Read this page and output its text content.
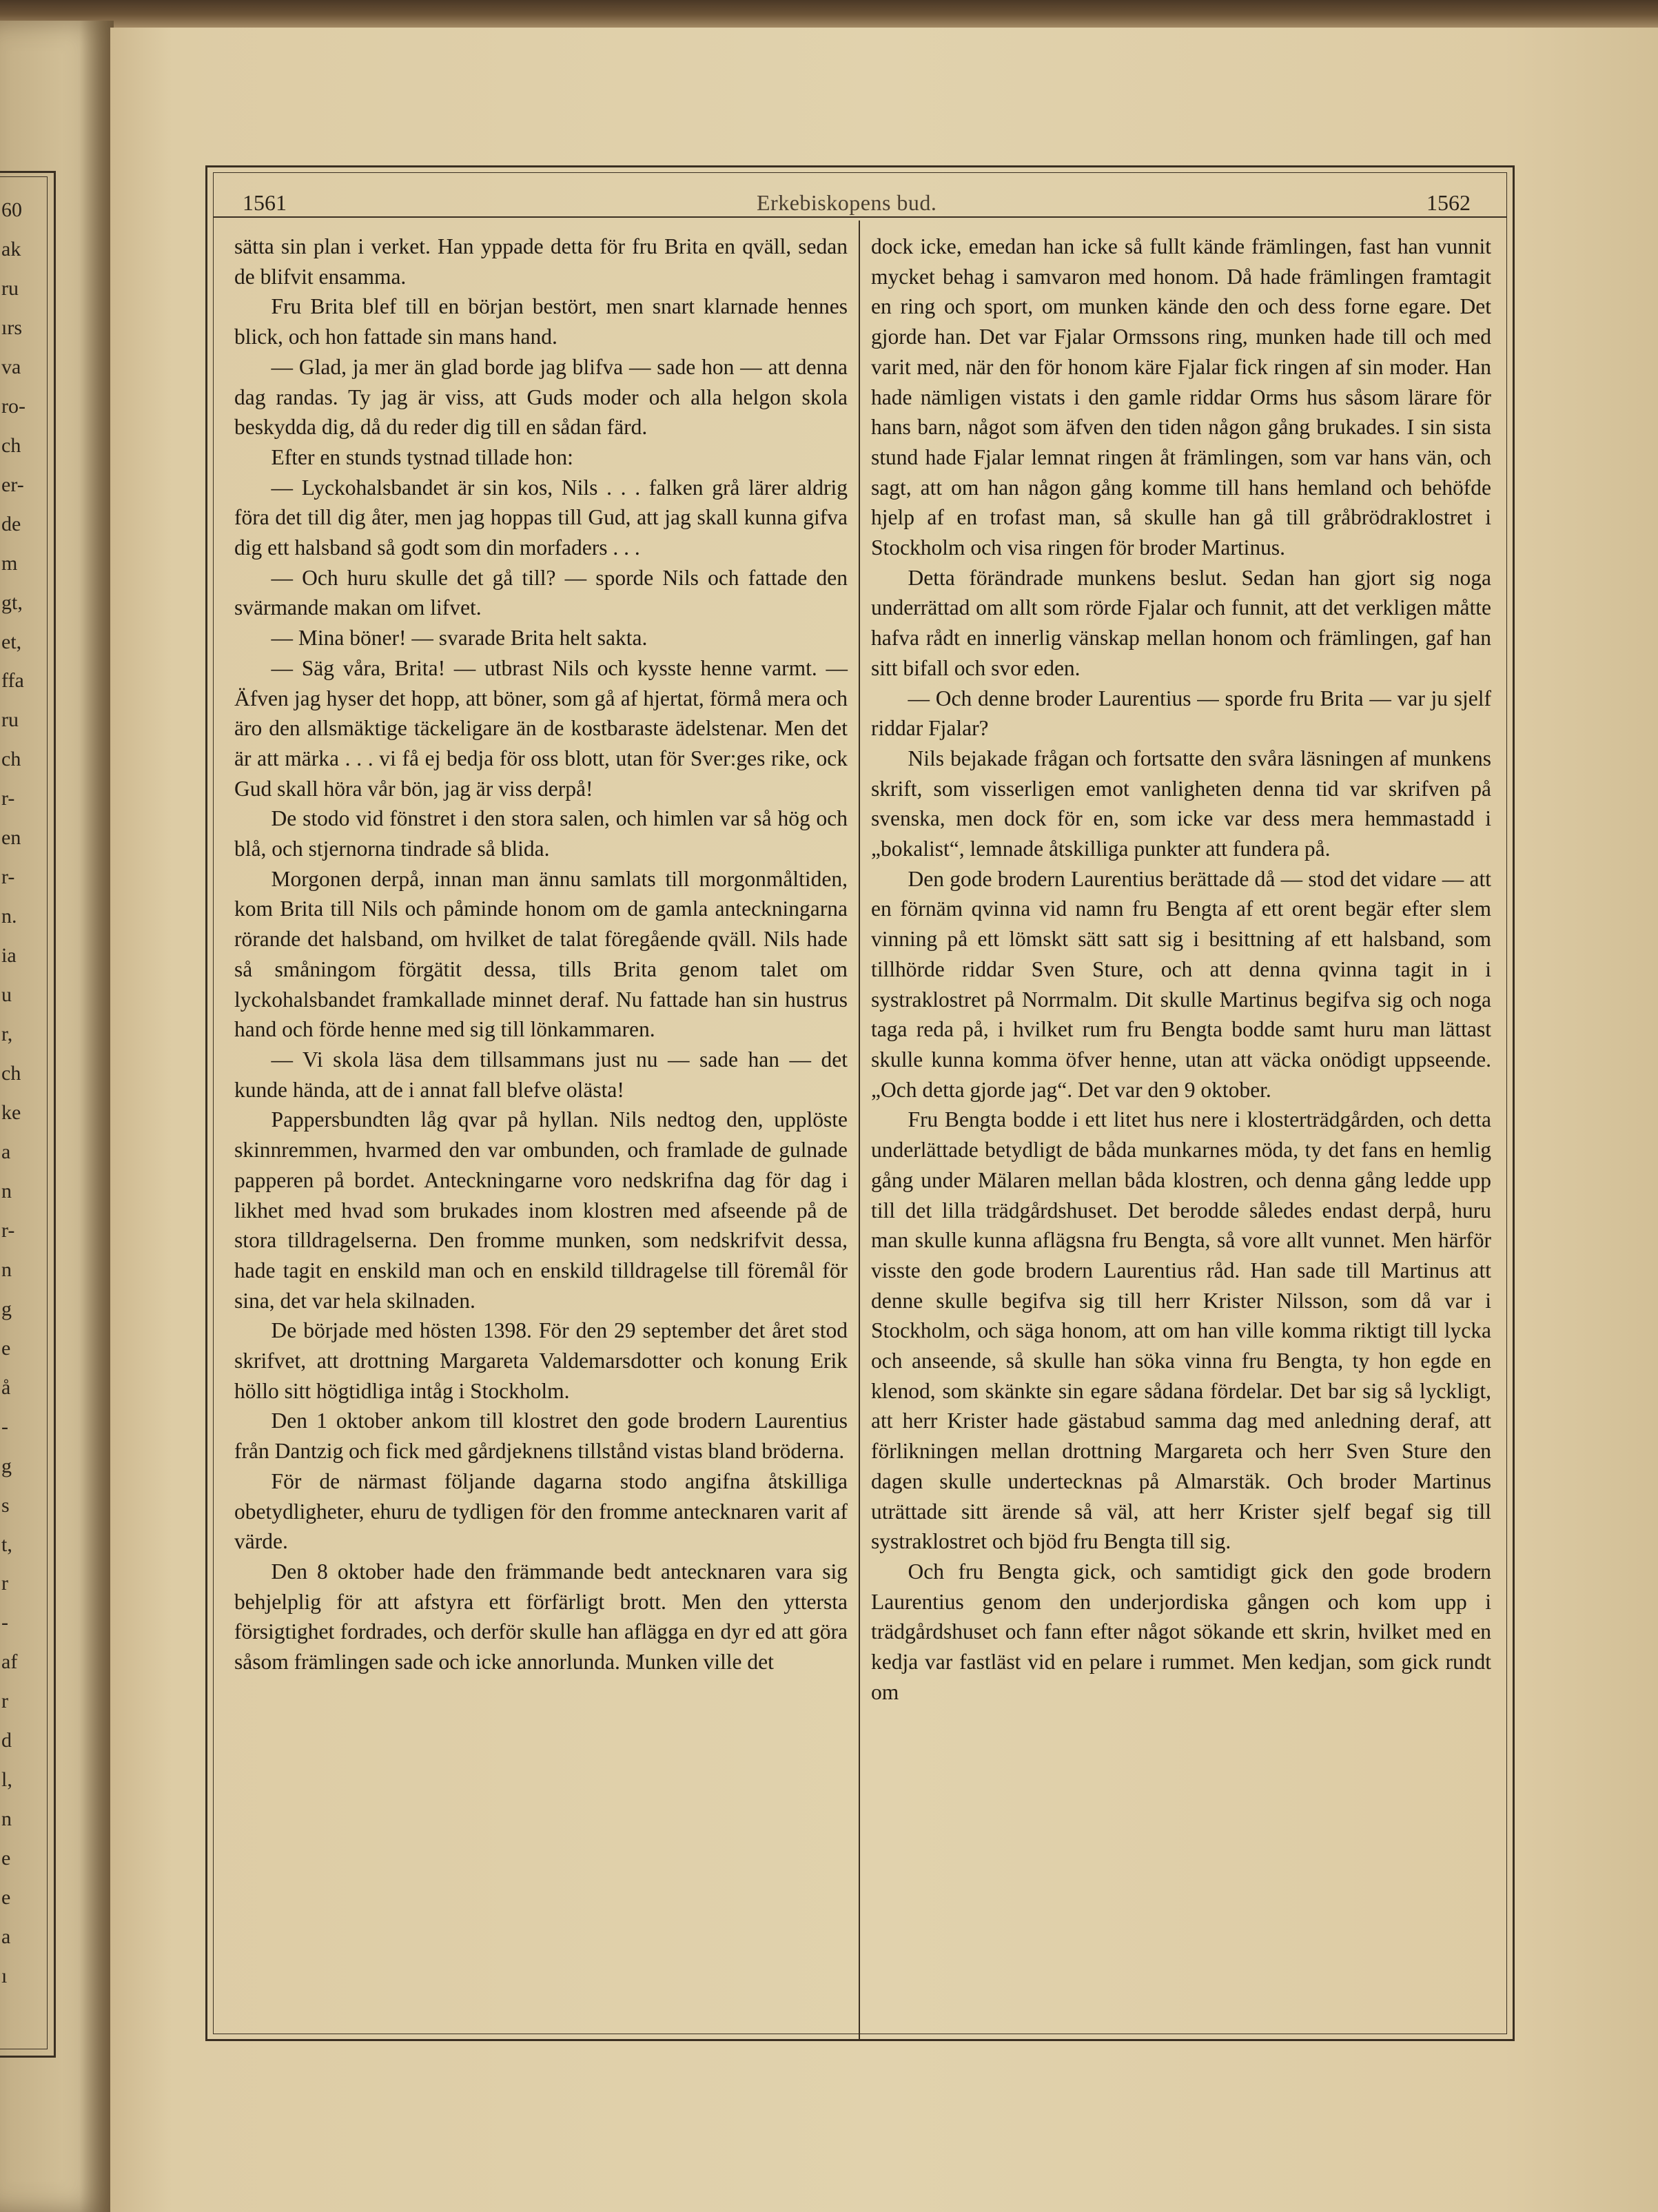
60
ak
ru
ırs
va
ro-
ch
er-
de
m
gt,
et,
ffa
ru
ch
r-
en
r-
n.
ia
u
r,
ch
ke
a
n
r-
n
g
e
å
-
g
s
t,
r
-
af
r
d
l,
n
e
e
a
ı
1561	Erkebiskopens bud.	1562

sätta sin plan i verket. Han yppade detta för fru Brita en qväll, sedan de blifvit ensamma.

Fru Brita blef till en början bestört, men snart klarnade hennes blick, och hon fattade sin mans hand.

— Glad, ja mer än glad borde jag blifva — sade hon — att denna dag randas. Ty jag är viss, att Guds moder och alla helgon skola beskydda dig, då du reder dig till en sådan färd.

Efter en stunds tystnad tillade hon:

— Lyckohalsbandet är sin kos, Nils . . . falken grå lärer aldrig föra det till dig åter, men jag hoppas till Gud, att jag skall kunna gifva dig ett halsband så godt som din morfaders . . .

— Och huru skulle det gå till? — sporde Nils och fattade den svärmande makan om lifvet.

— Mina böner! — svarade Brita helt sakta.

— Säg våra, Brita! — utbrast Nils och kysste henne varmt. — Äfven jag hyser det hopp, att böner, som gå af hjertat, förmå mera och äro den allsmäktige täckeligare än de kostbaraste ädelstenar. Men det är att märka . . . vi få ej bedja för oss blott, utan för Sver:ges rike, ock Gud skall höra vår bön, jag är viss derpå!

De stodo vid fönstret i den stora salen, och himlen var så hög och blå, och stjernorna tindrade så blida.

Morgonen derpå, innan man ännu samlats till morgonmåltiden, kom Brita till Nils och påminde honom om de gamla anteckningarna rörande det halsband, om hvilket de talat föregående qväll. Nils hade så småningom förgätit dessa, tills Brita genom talet om lyckohalsbandet framkallade minnet deraf. Nu fattade han sin hustrus hand och förde henne med sig till lönkammaren.

— Vi skola läsa dem tillsammans just nu — sade han — det kunde hända, att de i annat fall blefve olästa!

Pappersbundten låg qvar på hyllan. Nils nedtog den, upplöste skinnremmen, hvarmed den var ombunden, och framlade de gulnade papperen på bordet. Anteckningarne voro nedskrifna dag för dag i likhet med hvad som brukades inom klostren med afseende på de stora tilldragelserna. Den fromme munken, som nedskrifvit dessa, hade tagit en enskild man och en enskild tilldragelse till föremål för sina, det var hela skilnaden.

De började med hösten 1398. För den 29 september det året stod skrifvet, att drottning Margareta Valdemarsdotter och konung Erik höllo sitt högtidliga intåg i Stockholm.

Den 1 oktober ankom till klostret den gode brodern Laurentius från Dantzig och fick med gårdjeknens tillstånd vistas bland bröderna.

För de närmast följande dagarna stodo angifna åtskilliga obetydligheter, ehuru de tydligen för den fromme antecknaren varit af värde.

Den 8 oktober hade den främmande bedt antecknaren vara sig behjelplig för att afstyra ett förfärligt brott. Men den yttersta försigtighet fordrades, och derför skulle han aflägga en dyr ed att göra såsom främlingen sade och icke annorlunda. Munken ville det

dock icke, emedan han icke så fullt kände främlingen, fast han vunnit mycket behag i samvaron med honom. Då hade främlingen framtagit en ring och sport, om munken kände den och dess forne egare. Det gjorde han. Det var Fjalar Ormssons ring, munken hade till och med varit med, när den för honom käre Fjalar fick ringen af sin moder. Han hade nämligen vistats i den gamle riddar Orms hus såsom lärare för hans barn, något som äfven den tiden någon gång brukades. I sin sista stund hade Fjalar lemnat ringen åt främlingen, som var hans vän, och sagt, att om han någon gång komme till hans hemland och behöfde hjelp af en trofast man, så skulle han gå till gråbrödraklostret i Stockholm och visa ringen för broder Martinus.

Detta förändrade munkens beslut. Sedan han gjort sig noga underrättad om allt som rörde Fjalar och funnit, att det verkligen måtte hafva rådt en innerlig vänskap mellan honom och främlingen, gaf han sitt bifall och svor eden.

— Och denne broder Laurentius — sporde fru Brita — var ju sjelf riddar Fjalar?

Nils bejakade frågan och fortsatte den svåra läsningen af munkens skrift, som visserligen emot vanligheten denna tid var skrifven på svenska, men dock för en, som icke var dess mera hemmastadd i „bokalist“, lemnade åtskilliga punkter att fundera på.

Den gode brodern Laurentius berättade då — stod det vidare — att en förnäm qvinna vid namn fru Bengta af ett orent begär efter slem vinning på ett lömskt sätt satt sig i besittning af ett halsband, som tillhörde riddar Sven Sture, och att denna qvinna tagit in i systraklostret på Norrmalm. Dit skulle Martinus begifva sig och noga taga reda på, i hvilket rum fru Bengta bodde samt huru man lättast skulle kunna komma öfver henne, utan att väcka onödigt uppseende. „Och detta gjorde jag“. Det var den 9 oktober.

Fru Bengta bodde i ett litet hus nere i klosterträdgården, och detta underlättade betydligt de båda munkarnes möda, ty det fans en hemlig gång under Mälaren mellan båda klostren, och denna gång ledde upp till det lilla trädgårdshuset. Det berodde således endast derpå, huru man skulle kunna aflägsna fru Bengta, så vore allt vunnet. Men härför visste den gode brodern Laurentius råd. Han sade till Martinus att denne skulle begifva sig till herr Krister Nilsson, som då var i Stockholm, och säga honom, att om han ville komma riktigt till lycka och anseende, så skulle han söka vinna fru Bengta, ty hon egde en klenod, som skänkte sin egare sådana fördelar. Det bar sig så lyckligt, att herr Krister hade gästabud samma dag med anledning deraf, att förlikningen mellan drottning Margareta och herr Sven Sture den dagen skulle undertecknas på Almarstäk. Och broder Martinus uträttade sitt ärende så väl, att herr Krister sjelf begaf sig till systraklostret och bjöd fru Bengta till sig.

Och fru Bengta gick, och samtidigt gick den gode brodern Laurentius genom den underjordiska gången och kom upp i trädgårdshuset och fann efter något sökande ett skrin, hvilket med en kedja var fastläst vid en pelare i rummet. Men kedjan, som gick rundt om
